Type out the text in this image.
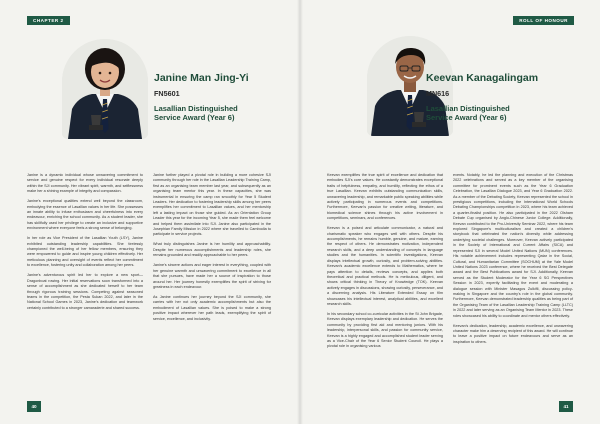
CHAPTER 2
Janine Man Jing-Yi
FN5601
Lasallian Distinguished
Service Award (Year 6)

Janine is a dynamic individual whose unwavering commitment to service and genuine respect for every individual resonate deeply within the SJI community. Her vibrant spirit, warmth, and selflessness make her a shining example of integrity and compassion.

Janine's exceptional qualities extend well beyond the classroom, embodying the essence of Lasallian values in her life. She possesses an innate ability to infuse enthusiasm and cheerfulness into every endeavour, enriching the school community. As a student leader, she has skillfully used her privilege to create an inclusive and supportive environment where everyone feels a strong sense of belonging.

In her role as Vice President of the Lasallian Youth (LSY), Janine exhibited outstanding leadership capabilities. She tirelessly championed the well-being of her fellow members, ensuring they were empowered to guide and inspire young children effectively. Her meticulous planning and oversight of events reflect her commitment to excellence, fostering unity and collaboration among her peers.

Janine's adventurous spirit led her to explore a new sport—Dragonboat rowing. Her initial reservations soon transformed into a sense of accomplishment as she dedicated herself to her team through rigorous training sessions. Competing against seasoned teams in the competition, the Pesta Sukan 2022, and later in the National School Games in 2023, Janine's dedication and teamwork certainly contributed to a stronger camaraderie and shared success.

Janine further played a pivotal role in building a more cohesive SJI community through her role in the Lasallian Leadership Training Camp, first as an organising team member last year, and subsequently as an organising team mentor this year. In these capacities, she was instrumental in ensuring the camp ran smoothly for Year 5 Student Leaders. Her dedication to fostering leadership skills among her peers exemplifies her commitment to Lasallian values, and her mentorship left a lasting impact on those she guided. As an Orientation Group Leader this year for the incoming Year 5, she made them feel welcome and helped them assimilate into SJI. Janine also participated in the Josephian Family Mission in 2022 where she travelled to Cambodia to participate in service projects.

What truly distinguishes Janine is her humility and approachability. Despite her numerous accomplishments and leadership roles, she remains grounded and readily approachable to her peers.

Janine's sincere actions and eager interest in everything, coupled with her genuine warmth and unwavering commitment to excellence in all that she pursues, have made her a source of inspiration to those around her. Her journey honestly exemplifies the spirit of striving for greatness in each endeavour.

As Janine continues her journey beyond the SJI community, she carries with her not only academic accomplishments but also the embodiment of Lasallian values. She is poised to make a strong positive impact wherever her path leads, exemplifying the spirit of service, excellence, and inclusivity.

40
ROLL OF HONOUR
Keevan Kanagalingam
MN616
Lasallian Distinguished
Service Award (Year 6)

Keevan exemplifies the true spirit of excellence and dedication that embodies SJI's core values. He constantly demonstrates exceptional traits of helpfulness, empathy, and humility, reflecting the ethos of a true Lasallian. Keevan exhibits outstanding communication skills, unwavering leadership, and remarkable public speaking abilities while actively participating in numerous events and competitions. Furthermore, Keevan's passion for creative writing, literature, and biomedical science shines through his active involvement in competitions, seminars, and conferences.

Keevan is a poised and articulate communicator, a natural and charismatic speaker who engages well with others. Despite his accomplishments, he remains humble, genuine, and mature, earning the respect of others. He demonstrates motivation, independent research skills, and a deep understanding of concepts in language studies and the humanities. In scientific investigations, Keevan displays intellectual growth, curiosity, and problem-solving abilities. Keevan's academic excellence extends to Mathematics, where he pays attention to details, reviews concepts, and applies both theoretical and practical methods. He is meticulous, diligent, and shows critical thinking in Theory of Knowledge (TOK). Keevan actively engages in discussions, showing curiosity, perseverance, and a discerning analysis. His Literature Extended Essay on film showcases his intellectual interest, analytical abilities, and excellent research skills.

In his secondary school co-curricular activities in the St John Brigade, Keevan displays exemplary leadership and dedication. He serves the community by providing first aid and mentoring juniors. With his leadership, interpersonal skills, and passion for community service, Keevan is a highly engaged and accomplished student leader serving as a Vice-Chair of the Year 6 Senior Student Council. He plays a pivotal role in organising various

events. Notably, he led the planning and execution of the Christmas 2022 celebrations and served as a key member of the organising committee for prominent events such as the Year 6 Graduation Celebration, the Lasallian Dialogue 2023, and Year 6 Graduation 2022. As a member of the Debating Society, Keevan represented the school in prestigious competitions, including the International World Schools Debating Championships competition in 2023, where his team achieved a quarter-finalist position. He also participated in the 2022 Olsham Debate Cup organised by Anglo-Chinese Junior College. Additionally, Keevan contributed to the Pro-University Seminar 2022, where his team explored Singapore's multiculturalism and created a children's storybook that celebrated the nation's diversity while addressing underlying societal challenges. Moreover, Keevan actively participated in the Society of International and Current Affairs (SICA) and represented SJI in several Model United Nations (MUN) conferences. His notable achievement includes representing Qatar in the Social, Cultural, and Humanitarian Committee (SOCHUM) at the Yale Model United Nations 2023 conference, where he received the Best Delegate award and the Best Publications award for SJI. Additionally, Keevan served as the Student Moderator for the Year 6 SG Perspectives Session in 2023, expertly facilitating the event and moderating a dialogue session with Minister Masagos Zulkifli, discussing policy-making in Singapore and the country's role in the global community. Furthermore, Keevan demonstrated leadership qualities as being part of the Organising Team of the Lasallian Leadership Training Camp (LLTC) in 2022 and later serving as an Organising Team Mentor in 2023. These roles showcased his ability to coordinate and mentor others effectively.

Keevan's dedication, leadership, academic excellence, and unwavering character make him a deserving recipient of this award. He will continue to leave a positive impact on future endeavours and serve as an inspiration to others.

41
